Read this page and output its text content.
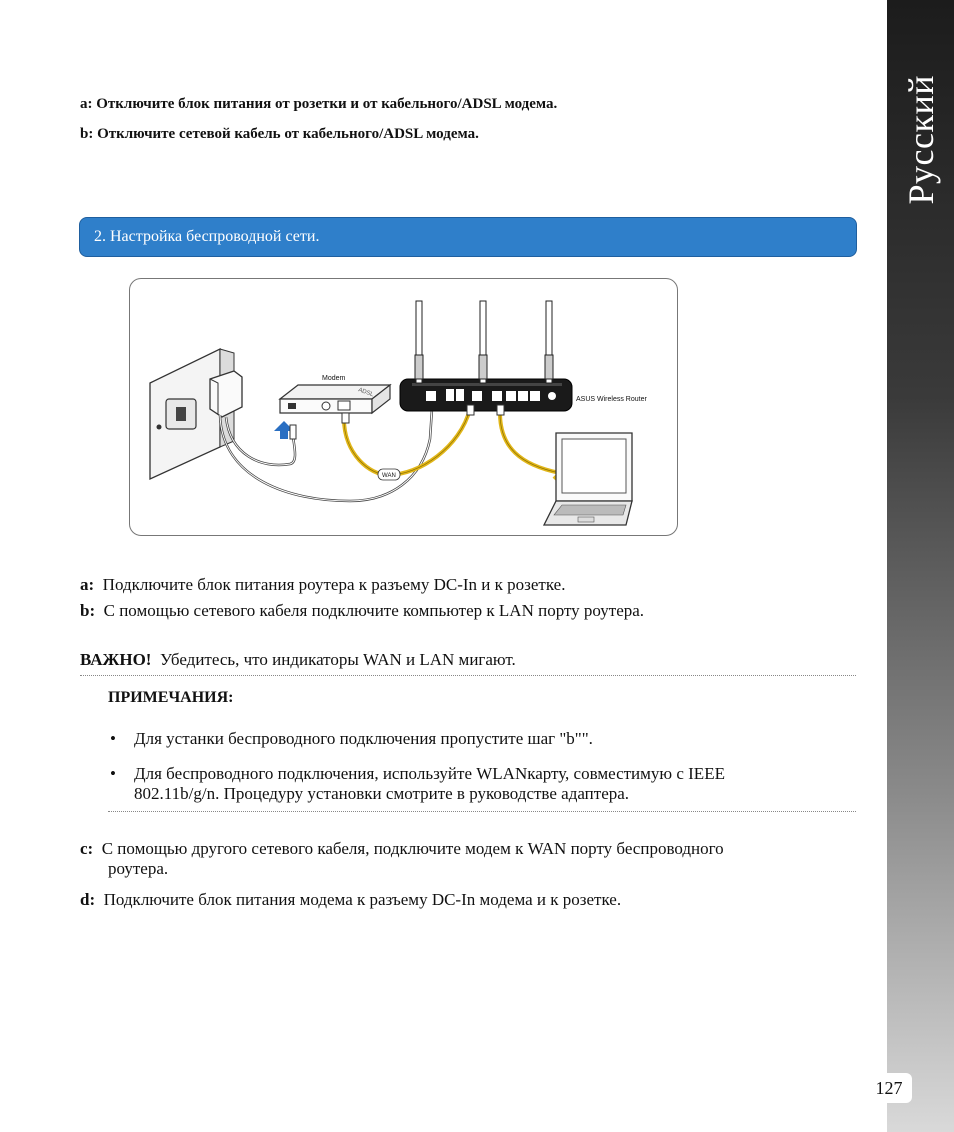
Русский
a: Отключите блок питания от розетки и от кабельного/ADSL модема.
b: Отключите сетевой кабель от кабельного/ADSL модема.
2. Настройка беспроводной сети.
ADSL
Modem
ASUS Wireless Router
WAN
a: Подключите блок питания роутера к разъему DC-In и к розетке.
b: С помощью сетевого кабеля подключите компьютер к LAN порту роутера.
ВАЖНО! Убедитесь, что индикаторы WAN и LAN мигают.
ПРИМЕЧАНИЯ:
• Для устанки беспроводного подключения пропустите шаг "b"".
• Для беспроводного подключения, используйте WLANкарту, совместимую с IEEE
802.11b/g/n. Процедуру установки смотрите в руководстве адаптера.
c: С помощью другого сетевого кабеля, подключите модем к WAN порту беспроводного
роутера.
d: Подключите блок питания модема к разъему DC-In модема и к розетке.
127
